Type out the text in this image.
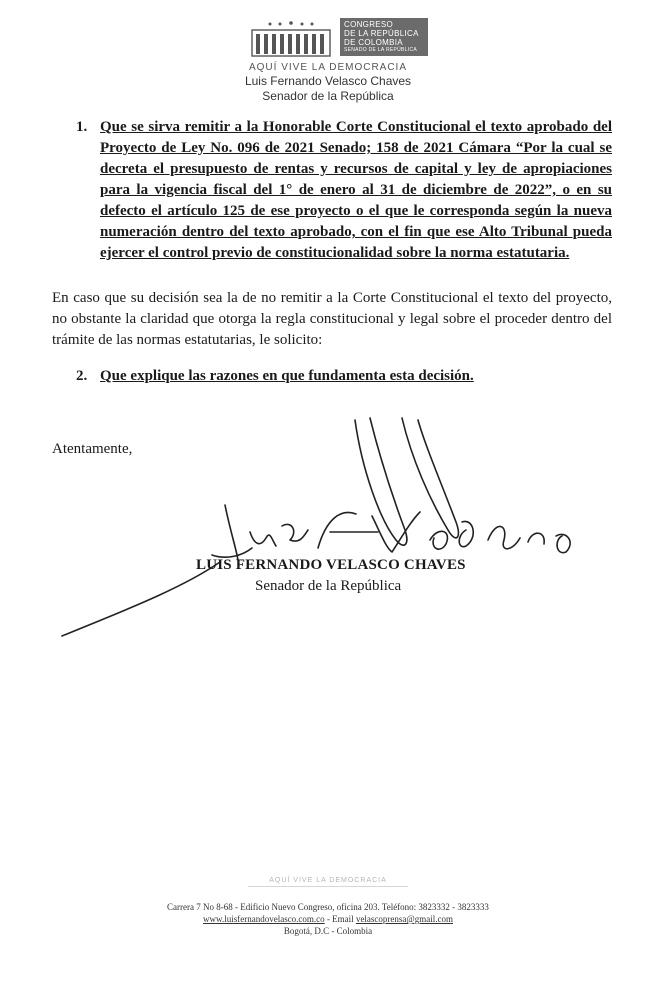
CONGRESO
DE LA REPÚBLICA
DE COLOMBIA
SENADO DE LA REPÚBLICA
AQUÍ VIVE LA DEMOCRACIA
Luis Fernando Velasco Chaves
Senador de la República
1. Que se sirva remitir a la Honorable Corte Constitucional el texto aprobado del Proyecto de Ley No. 096 de 2021 Senado; 158 de 2021 Cámara “Por la cual se decreta el presupuesto de rentas y recursos de capital y ley de apropiaciones para la vigencia fiscal del 1° de enero al 31 de diciembre de 2022”, o en su defecto el artículo 125 de ese proyecto o el que le corresponda según la nueva numeración dentro del texto aprobado, con el fin que ese Alto Tribunal pueda ejercer el control previo de constitucionalidad sobre la norma estatutaria.
En caso que su decisión sea la de no remitir a la Corte Constitucional el texto del proyecto, no obstante la claridad que otorga la regla constitucional y legal sobre el proceder dentro del trámite de las normas estatutarias, le solicito:
2. Que explique las razones en que fundamenta esta decisión.
Atentamente,
LUIS FERNANDO VELASCO CHAVES
Senador de la República
AQUÍ VIVE LA DEMOCRACIA
Carrera 7 No 8-68 - Edificio Nuevo Congreso, oficina 203. Teléfono: 3823332 - 3823333
www.luisfernandovelasco.com.co - Email velascoprensa@gmail.com
Bogotá, D.C - Colombia
